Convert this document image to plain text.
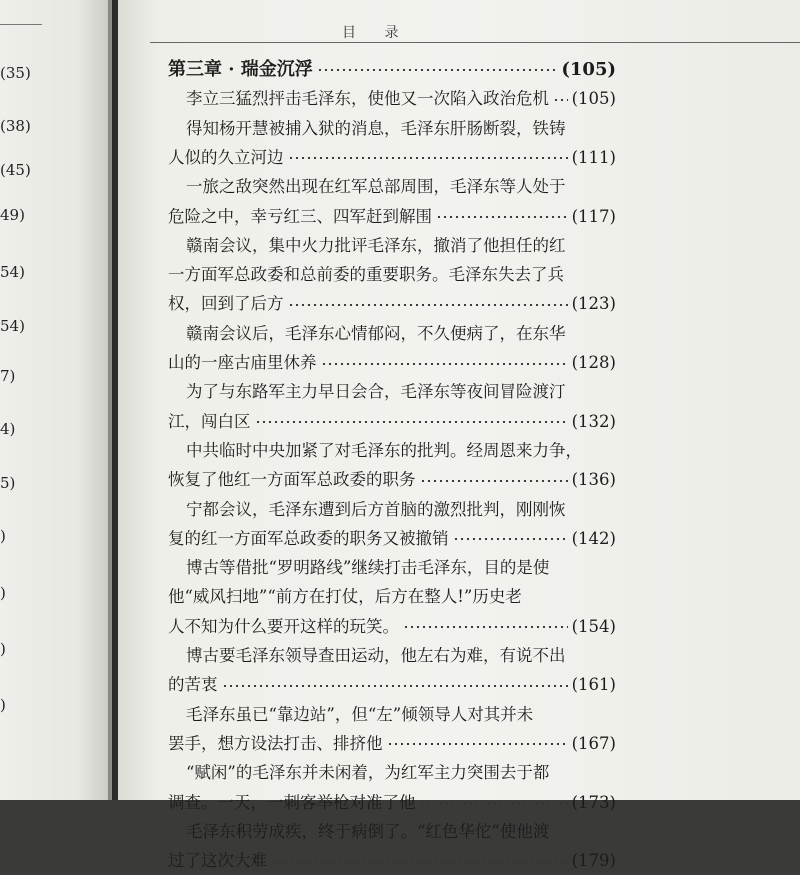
(35)
(38)
(45)
49)
54)
54)
7)
4)
5)
)
)
)
)
目 录
第三章 · 瑞金沉浮	(105)
李立三猛烈抨击毛泽东，使他又一次陷入政治危机 (105)
得知杨开慧被捕入狱的消息，毛泽东肝肠断裂，铁铸
人似的久立河边	(111)
一旅之敌突然出现在红军总部周围，毛泽东等人处于
危险之中，幸亏红三、四军赶到解围	(117)
赣南会议，集中火力批评毛泽东，撤消了他担任的红
一方面军总政委和总前委的重要职务。毛泽东失去了兵
权，回到了后方	(123)
赣南会议后，毛泽东心情郁闷，不久便病了，在东华
山的一座古庙里休养	(128)
为了与东路军主力早日会合，毛泽东等夜间冒险渡汀
江，闯白区	(132)
中共临时中央加紧了对毛泽东的批判。经周恩来力争，
恢复了他红一方面军总政委的职务	(136)
宁都会议，毛泽东遭到后方首脑的激烈批判，刚刚恢
复的红一方面军总政委的职务又被撤销	(142)
博古等借批“罗明路线”继续打击毛泽东，目的是使
他“威风扫地”“前方在打仗，后方在整人!”历史老
人不知为什么要开这样的玩笑。	(154)
博古要毛泽东领导查田运动，他左右为难，有说不出
的苦衷	(161)
毛泽东虽已“靠边站”，但“左”倾领导人对其并未
罢手，想方设法打击、排挤他	(167)
“赋闲”的毛泽东并未闲着，为红军主力突围去于都
调查。一天，一刺客举枪对准了他	(173)
毛泽东积劳成疾，终于病倒了。“红色华佗”使他渡
过了这次大难	(179)
